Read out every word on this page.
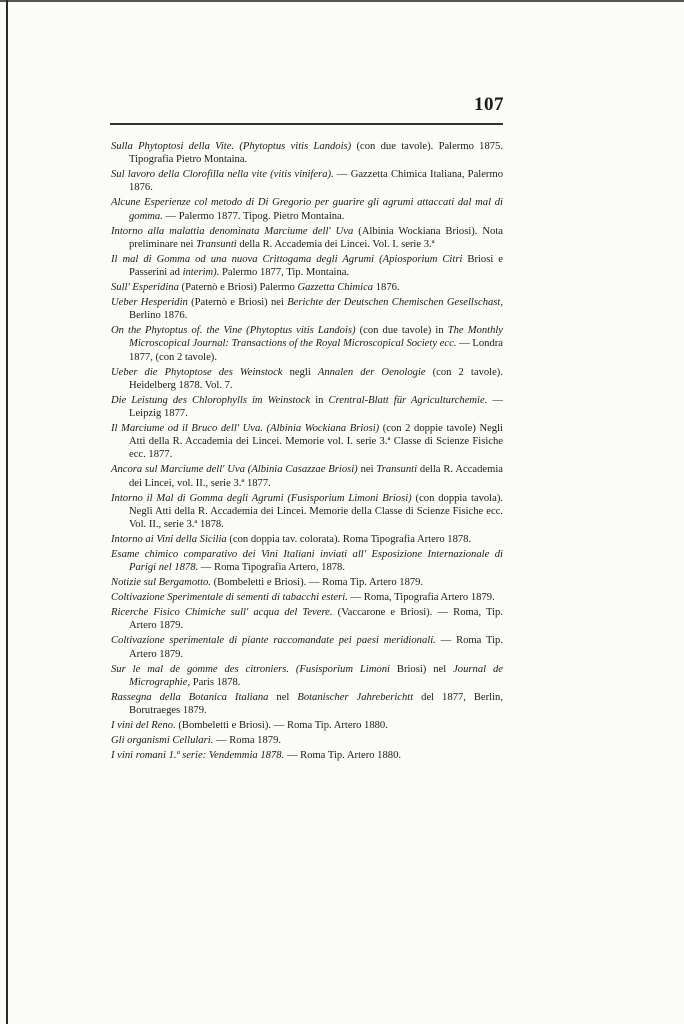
107

Sulla Phytoptosi della Vite. (Phytoptus vitis Landois) (con due tavole). Palermo 1875. Tipografia Pietro Montaina.

Sul lavoro della Clorofilla nella vite (vitis vinifera). — Gazzetta Chimica Italiana, Palermo 1876.

Alcune Esperienze col metodo di Di Gregorio per guarire gli agrumi attaccati dal mal di gomma. — Palermo 1877. Tipog. Pietro Montaina.

Intorno alla malattia denominata Marciume dell' Uva (Albinia Wockiana Briosi). Nota preliminare nei Transunti della R. Accademia dei Lincei. Vol. I. serie 3.ª

Il mal di Gomma od una nuova Crittogama degli Agrumi (Apiosporium Citri Briosi e Passerini ad interim). Palermo 1877, Tip. Montaina.

Sull' Esperidina (Paternò e Briosi) Palermo Gazzetta Chimica 1876.

Ueber Hesperidin (Paternò e Briosi) nei Berichte der Deutschen Chemischen Gesellschast, Berlino 1876.

On the Phytoptus of. the Vine (Phytoptus vitis Landois) (con due tavole) in The Monthly Microscopical Journal: Transactions of the Royal Microscopical Society ecc. — Londra 1877, (con 2 tavole).

Ueber die Phytoptose des Weinstock negli Annalen der Oenologie (con 2 tavole). Heidelberg 1878. Vol. 7.

Die Leistung des Chlorophylls im Weinstock in Crentral-Blatt für Agriculturchemie. — Leipzig 1877.

Il Marciume od il Bruco dell' Uva. (Albinia Wockiana Briosi) (con 2 doppie tavole) Negli Atti della R. Accademia dei Lincei. Memorie vol. I. serie 3.ª Classe di Scienze Fisiche ecc. 1877.

Ancora sul Marciume dell' Uva (Albinia Casazzae Briosi) nei Transunti della R. Accademia dei Lincei, vol. II., serie 3.ª 1877.

Intorno il Mal di Gomma degli Agrumi (Fusisporium Limoni Briosi) (con doppia tavola). Negli Atti della R. Accademia dei Lincei. Memorie della Classe di Scienze Fisiche ecc. Vol. II., serie 3.ª 1878.

Intorno ai Vini della Sicilia (con doppia tav. colorata). Roma Tipografia Artero 1878.

Esame chimico comparativo dei Vini Italiani inviati all' Esposizione Internazionale di Parigi nel 1878. — Roma Tipografia Artero, 1878.

Notizie sul Bergamotto. (Bombeletti e Briosi). — Roma Tip. Artero 1879.

Coltivazione Sperimentale di sementi di tabacchi esteri. — Roma, Tipografia Artero 1879.

Ricerche Fisico Chimiche sull' acqua del Tevere. (Vaccarone e Briosi). — Roma, Tip. Artero 1879.

Coltivazione sperimentale di piante raccomandate pei paesi meridionali. — Roma Tip. Artero 1879.

Sur le mal de gomme des citroniers. (Fusisporium Limoni Briosi) nel Journal de Micrographie, Paris 1878.

Rassegna della Botanica Italiana nel Botanischer Jahreberichtt del 1877, Berlin, Borutraeges 1879.

I vini del Reno. (Bombeletti e Briosi). — Roma Tip. Artero 1880.

Gli organismi Cellulari. — Roma 1879.

I vini romani 1.ª serie: Vendemmia 1878. — Roma Tip. Artero 1880.
